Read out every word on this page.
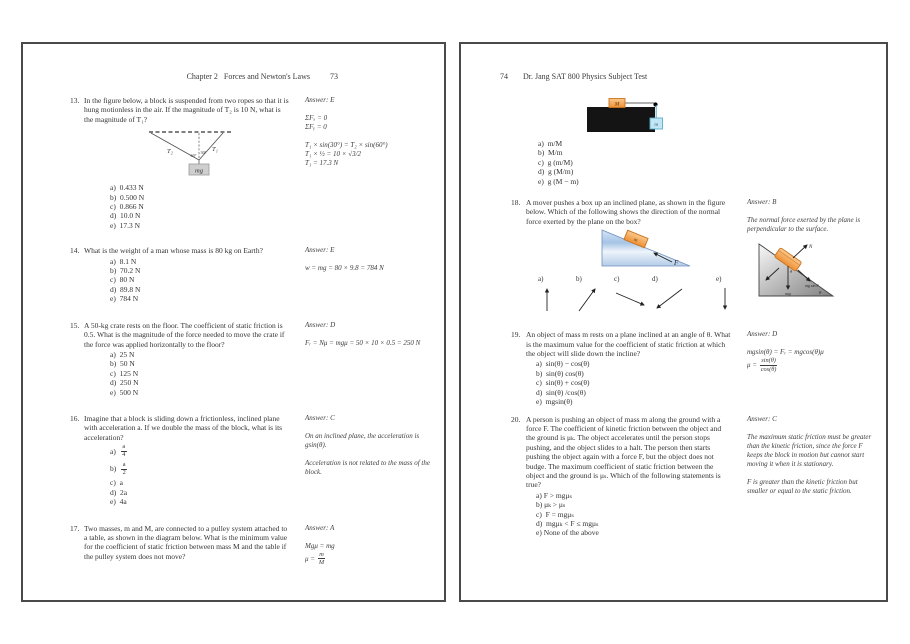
Chapter 2   Forces and Newton's Laws	73
13. In the figure below, a block is suspended from two ropes so that it is hung motionless in the air. If the magnitude of T₂ is 10 N, what is the magnitude of T₁?
mg
T₂	T₁
60°
30°
a)  0.433 N
b)  0.500 N
c)  0.866 N
d)  10.0 N
e)  17.3 N
Answer: E
ΣFₓ = 0
ΣFᵧ = 0
T₁ × sin(30°) = T₂ × sin(60°)
T₁ × ½ = 10 × √3/2
T₁ = 17.3 N
14. What is the weight of a man whose mass is 80 kg on Earth?
a)  8.1 N
b)  70.2 N
c)  80 N
d)  89.8 N
e)  784 N
Answer: E
w = mg = 80 × 9.8 = 784 N
15. A 50-kg crate rests on the floor. The coefficient of static friction is 0.5. What is the magnitude of the force needed to move the crate if the force was applied horizontally to the floor?
a)  25 N
b)  50 N
c)  125 N
d)  250 N
e)  500 N
Answer: D
Fᵣ = Nμ = mgμ = 50 × 10 × 0.5 = 250 N
16. Imagine that a block is sliding down a frictionless, inclined plane with acceleration a. If we double the mass of the block, what is its acceleration?
$a) \frac{a}{4}$
$b) \frac{a}{2}$
c)  a
d)  2a
e)  4a
Answer: C
On an inclined plane, the acceleration is gsin(θ).
Acceleration is not related to the mass of the block.
17. Two masses, m and M, are connected to a pulley system attached to a table, as shown in the diagram below. What is the minimum value for the coefficient of static friction between mass M and the table if the pulley system does not move?
Answer: A
Mgμ = mg
$\mu = \frac{m}{M}$
74 Dr. Jang SAT 800 Physics Subject Test
M
m
a)  m/M
b)  M/m
c)  g (m/M)
d)  g (M/m)
e)  g (M − m)
18. A mover pushes a box up an inclined plane, as shown in the figure below. Which of the following shows the direction of the normal force exerted by the plane on the box?
m
F
a)	b)	c)	d)	e)
Answer: B
The normal force exerted by the plane is perpendicular to the surface.
N
mg
mg sin θ
θ
θ
19. An object of mass m rests on a plane inclined at an angle of θ. What is the maximum value for the coefficient of static friction at which the object will slide down the incline?
a)  sin(θ) − cos(θ)
b)  sin(θ) cos(θ)
c)  sin(θ) + cos(θ)
d)  sin(θ) /cos(θ)
e)  mgsin(θ)
Answer: D
mgsin(θ) = Fᵣ = mgcos(θ)μ
$\mu = \frac{\sin(\theta)}{\cos(\theta)}$
20. A person is pushing an object of mass m along the ground with a force F. The coefficient of kinetic friction between the object and the ground is μₖ. The object accelerates until the person stops pushing, and the object slides to a halt. The person then starts pushing the object again with a force F, but the object does not budge. The maximum coefficient of static friction between the object and the ground is μₛ. Which of the following statements is true?
a) F > mgμₛ
b) μₖ > μₛ
c)  F = mgμₛ
d)  mgμₖ < F ≤ mgμₛ
e) None of the above
Answer: C
The maximum static friction must be greater than the kinetic friction, since the force F keeps the block in motion but cannot start moving it when it is stationary.
F is greater than the kinetic friction but smaller or equal to the static friction.
